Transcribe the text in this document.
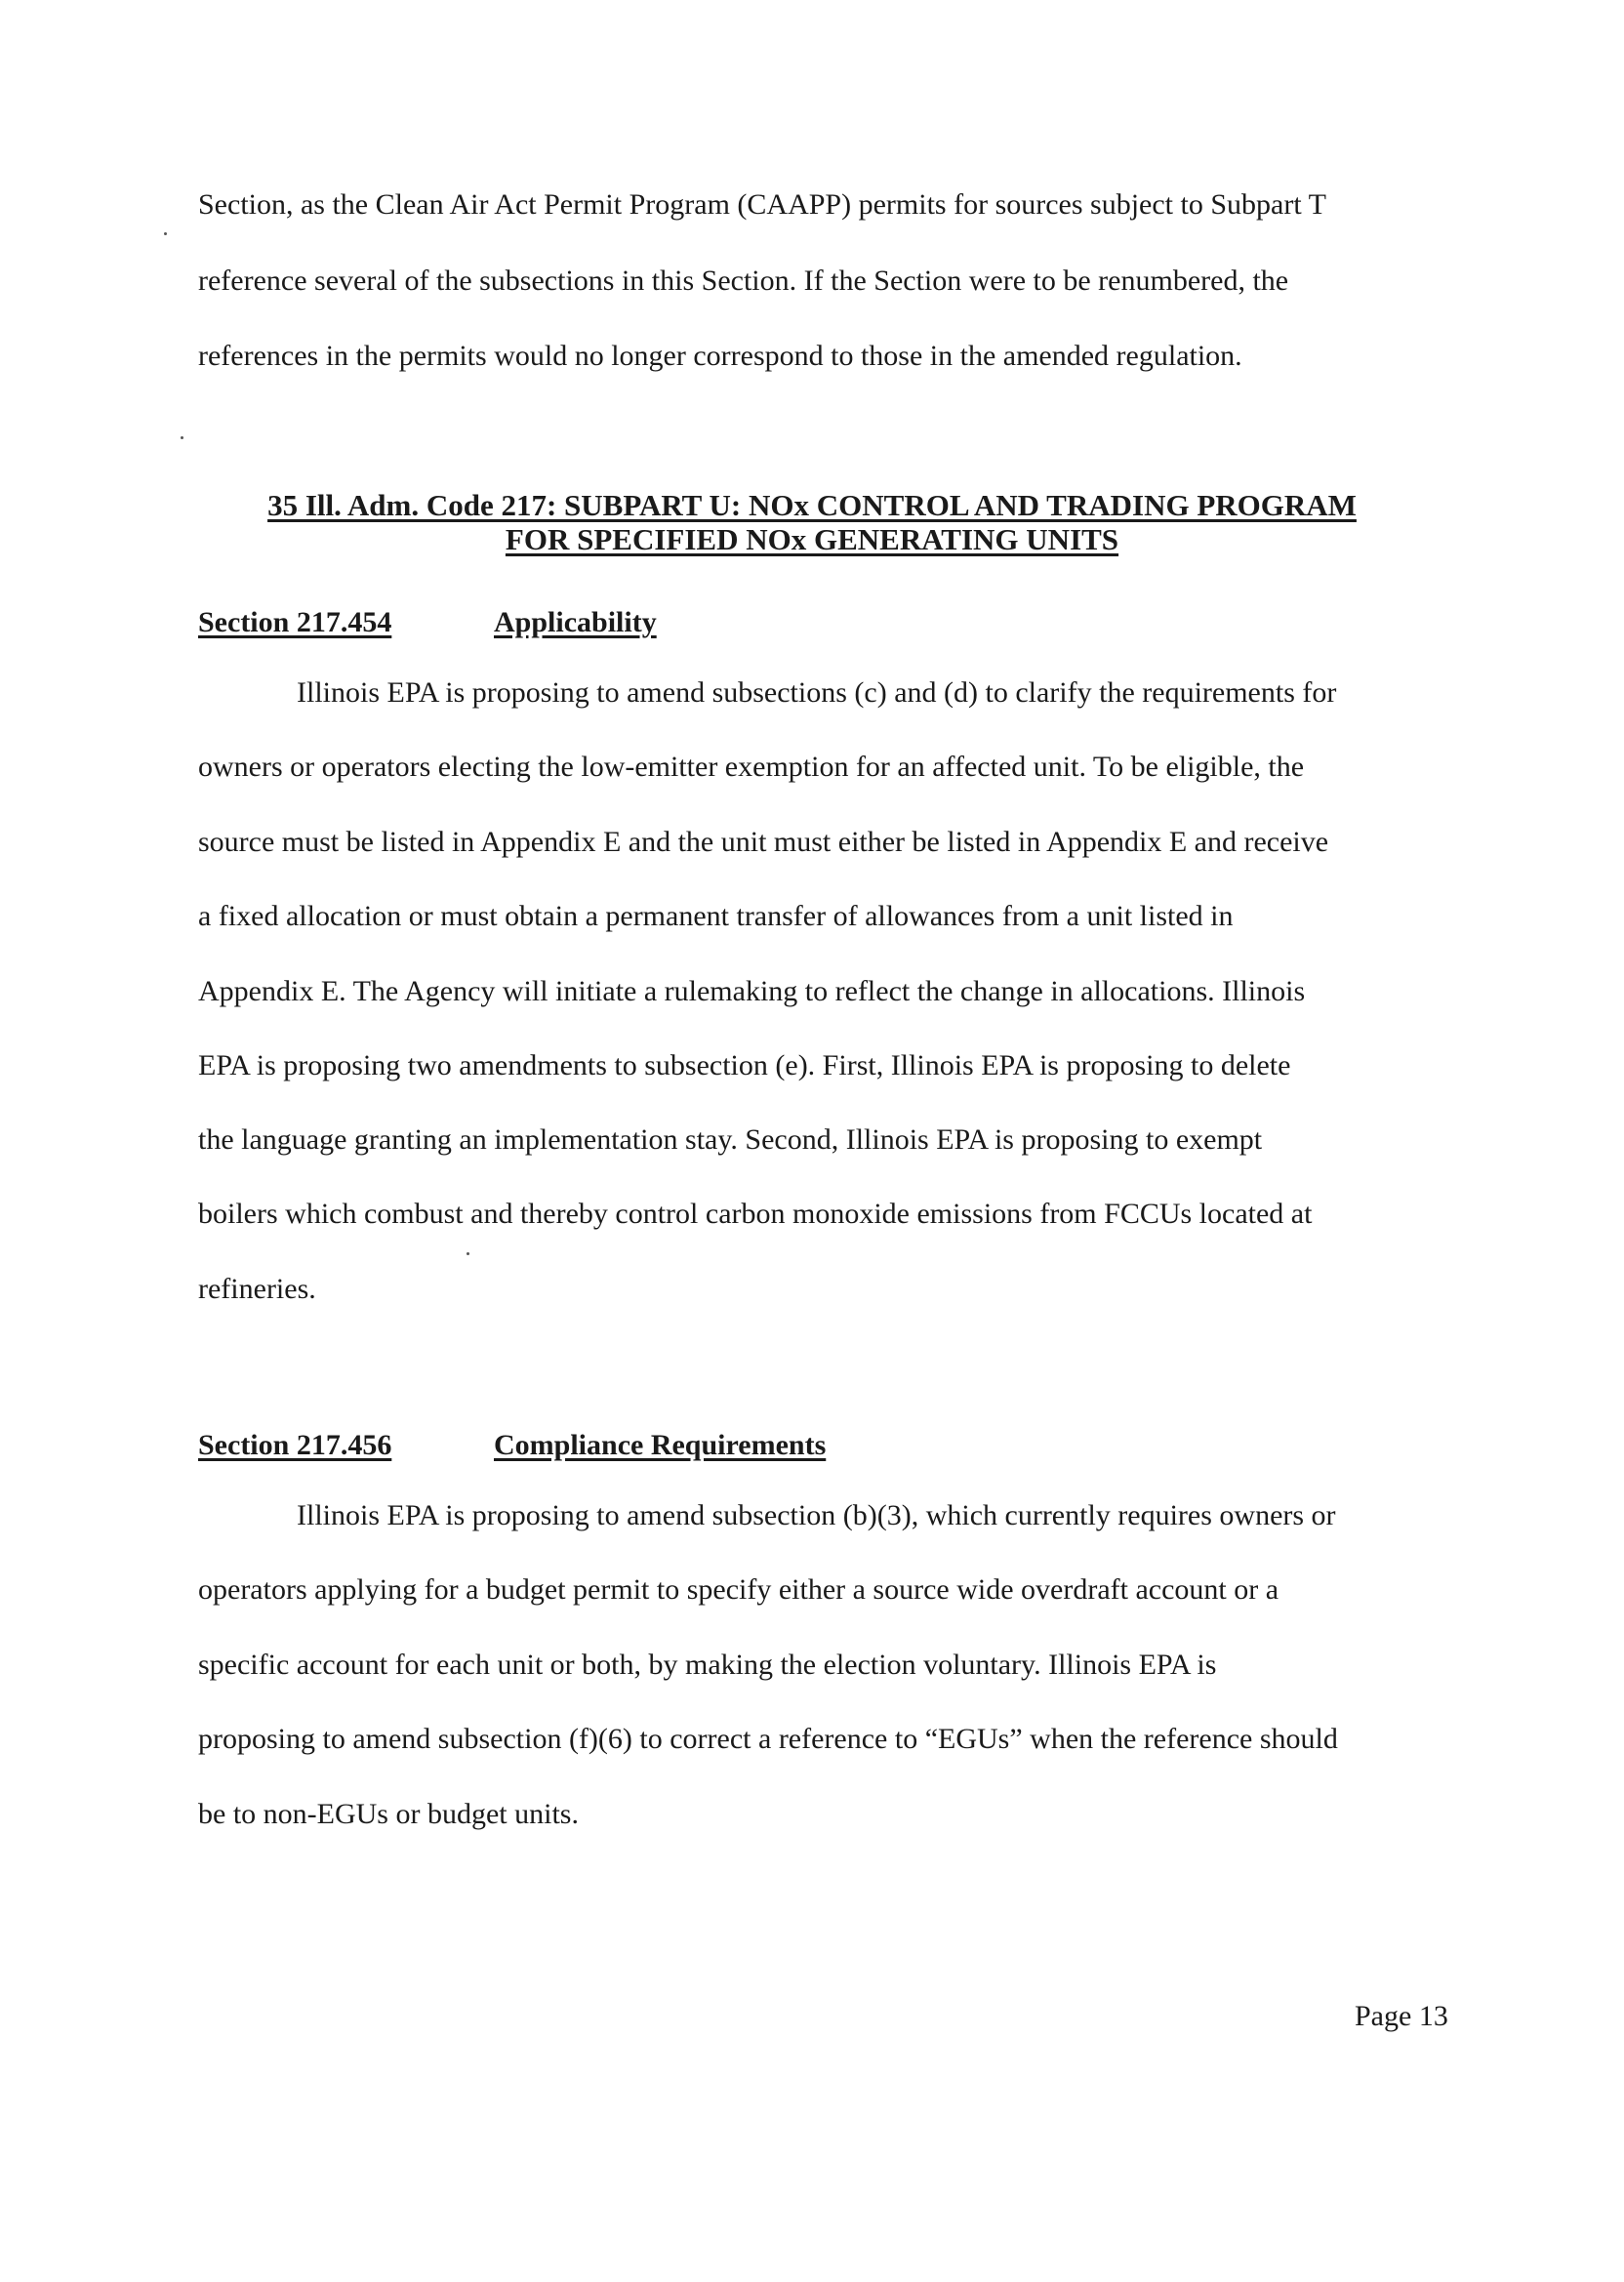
Section, as the Clean Air Act Permit Program (CAAPP) permits for sources subject to Subpart T
reference several of the subsections in this Section. If the Section were to be renumbered, the
references in the permits would no longer correspond to those in the amended regulation.
35 Ill. Adm. Code 217: SUBPART U: NOx CONTROL AND TRADING PROGRAM
FOR SPECIFIED NOx GENERATING UNITS
Section 217.454	Applicability
Illinois EPA is proposing to amend subsections (c) and (d) to clarify the requirements for
owners or operators electing the low-emitter exemption for an affected unit. To be eligible, the
source must be listed in Appendix E and the unit must either be listed in Appendix E and receive
a fixed allocation or must obtain a permanent transfer of allowances from a unit listed in
Appendix E. The Agency will initiate a rulemaking to reflect the change in allocations. Illinois
EPA is proposing two amendments to subsection (e). First, Illinois EPA is proposing to delete
the language granting an implementation stay. Second, Illinois EPA is proposing to exempt
boilers which combust and thereby control carbon monoxide emissions from FCCUs located at
refineries.
Section 217.456	Compliance Requirements
Illinois EPA is proposing to amend subsection (b)(3), which currently requires owners or
operators applying for a budget permit to specify either a source wide overdraft account or a
specific account for each unit or both, by making the election voluntary. Illinois EPA is
proposing to amend subsection (f)(6) to correct a reference to “EGUs” when the reference should
be to non-EGUs or budget units.
Page 13
